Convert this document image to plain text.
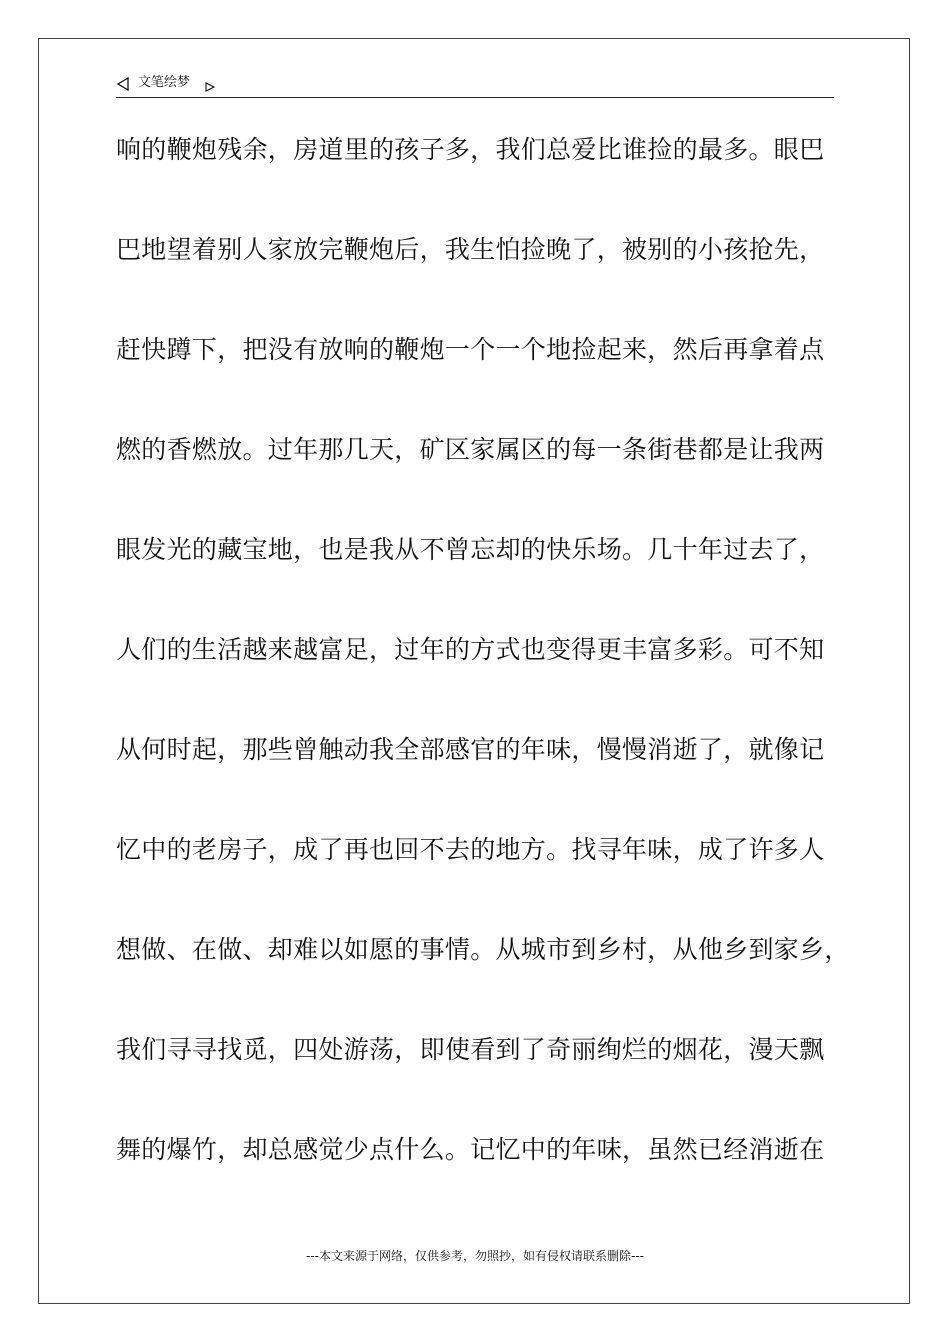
文笔绘梦
响的鞭炮残余，房道里的孩子多，我们总爱比谁捡的最多。眼巴
巴地望着别人家放完鞭炮后，我生怕捡晚了，被别的小孩抢先，
赶快蹲下，把没有放响的鞭炮一个一个地捡起来，然后再拿着点
燃的香燃放。过年那几天，矿区家属区的每一条街巷都是让我两
眼发光的藏宝地，也是我从不曾忘却的快乐场。几十年过去了，
人们的生活越来越富足，过年的方式也变得更丰富多彩。可不知
从何时起，那些曾触动我全部感官的年味，慢慢消逝了，就像记
忆中的老房子，成了再也回不去的地方。找寻年味，成了许多人
想做、在做、却难以如愿的事情。从城市到乡村，从他乡到家乡，
我们寻寻找觅，四处游荡，即使看到了奇丽绚烂的烟花，漫天飘
舞的爆竹，却总感觉少点什么。记忆中的年味，虽然已经消逝在
---本文来源于网络，仅供参考，勿照抄，如有侵权请联系删除---
